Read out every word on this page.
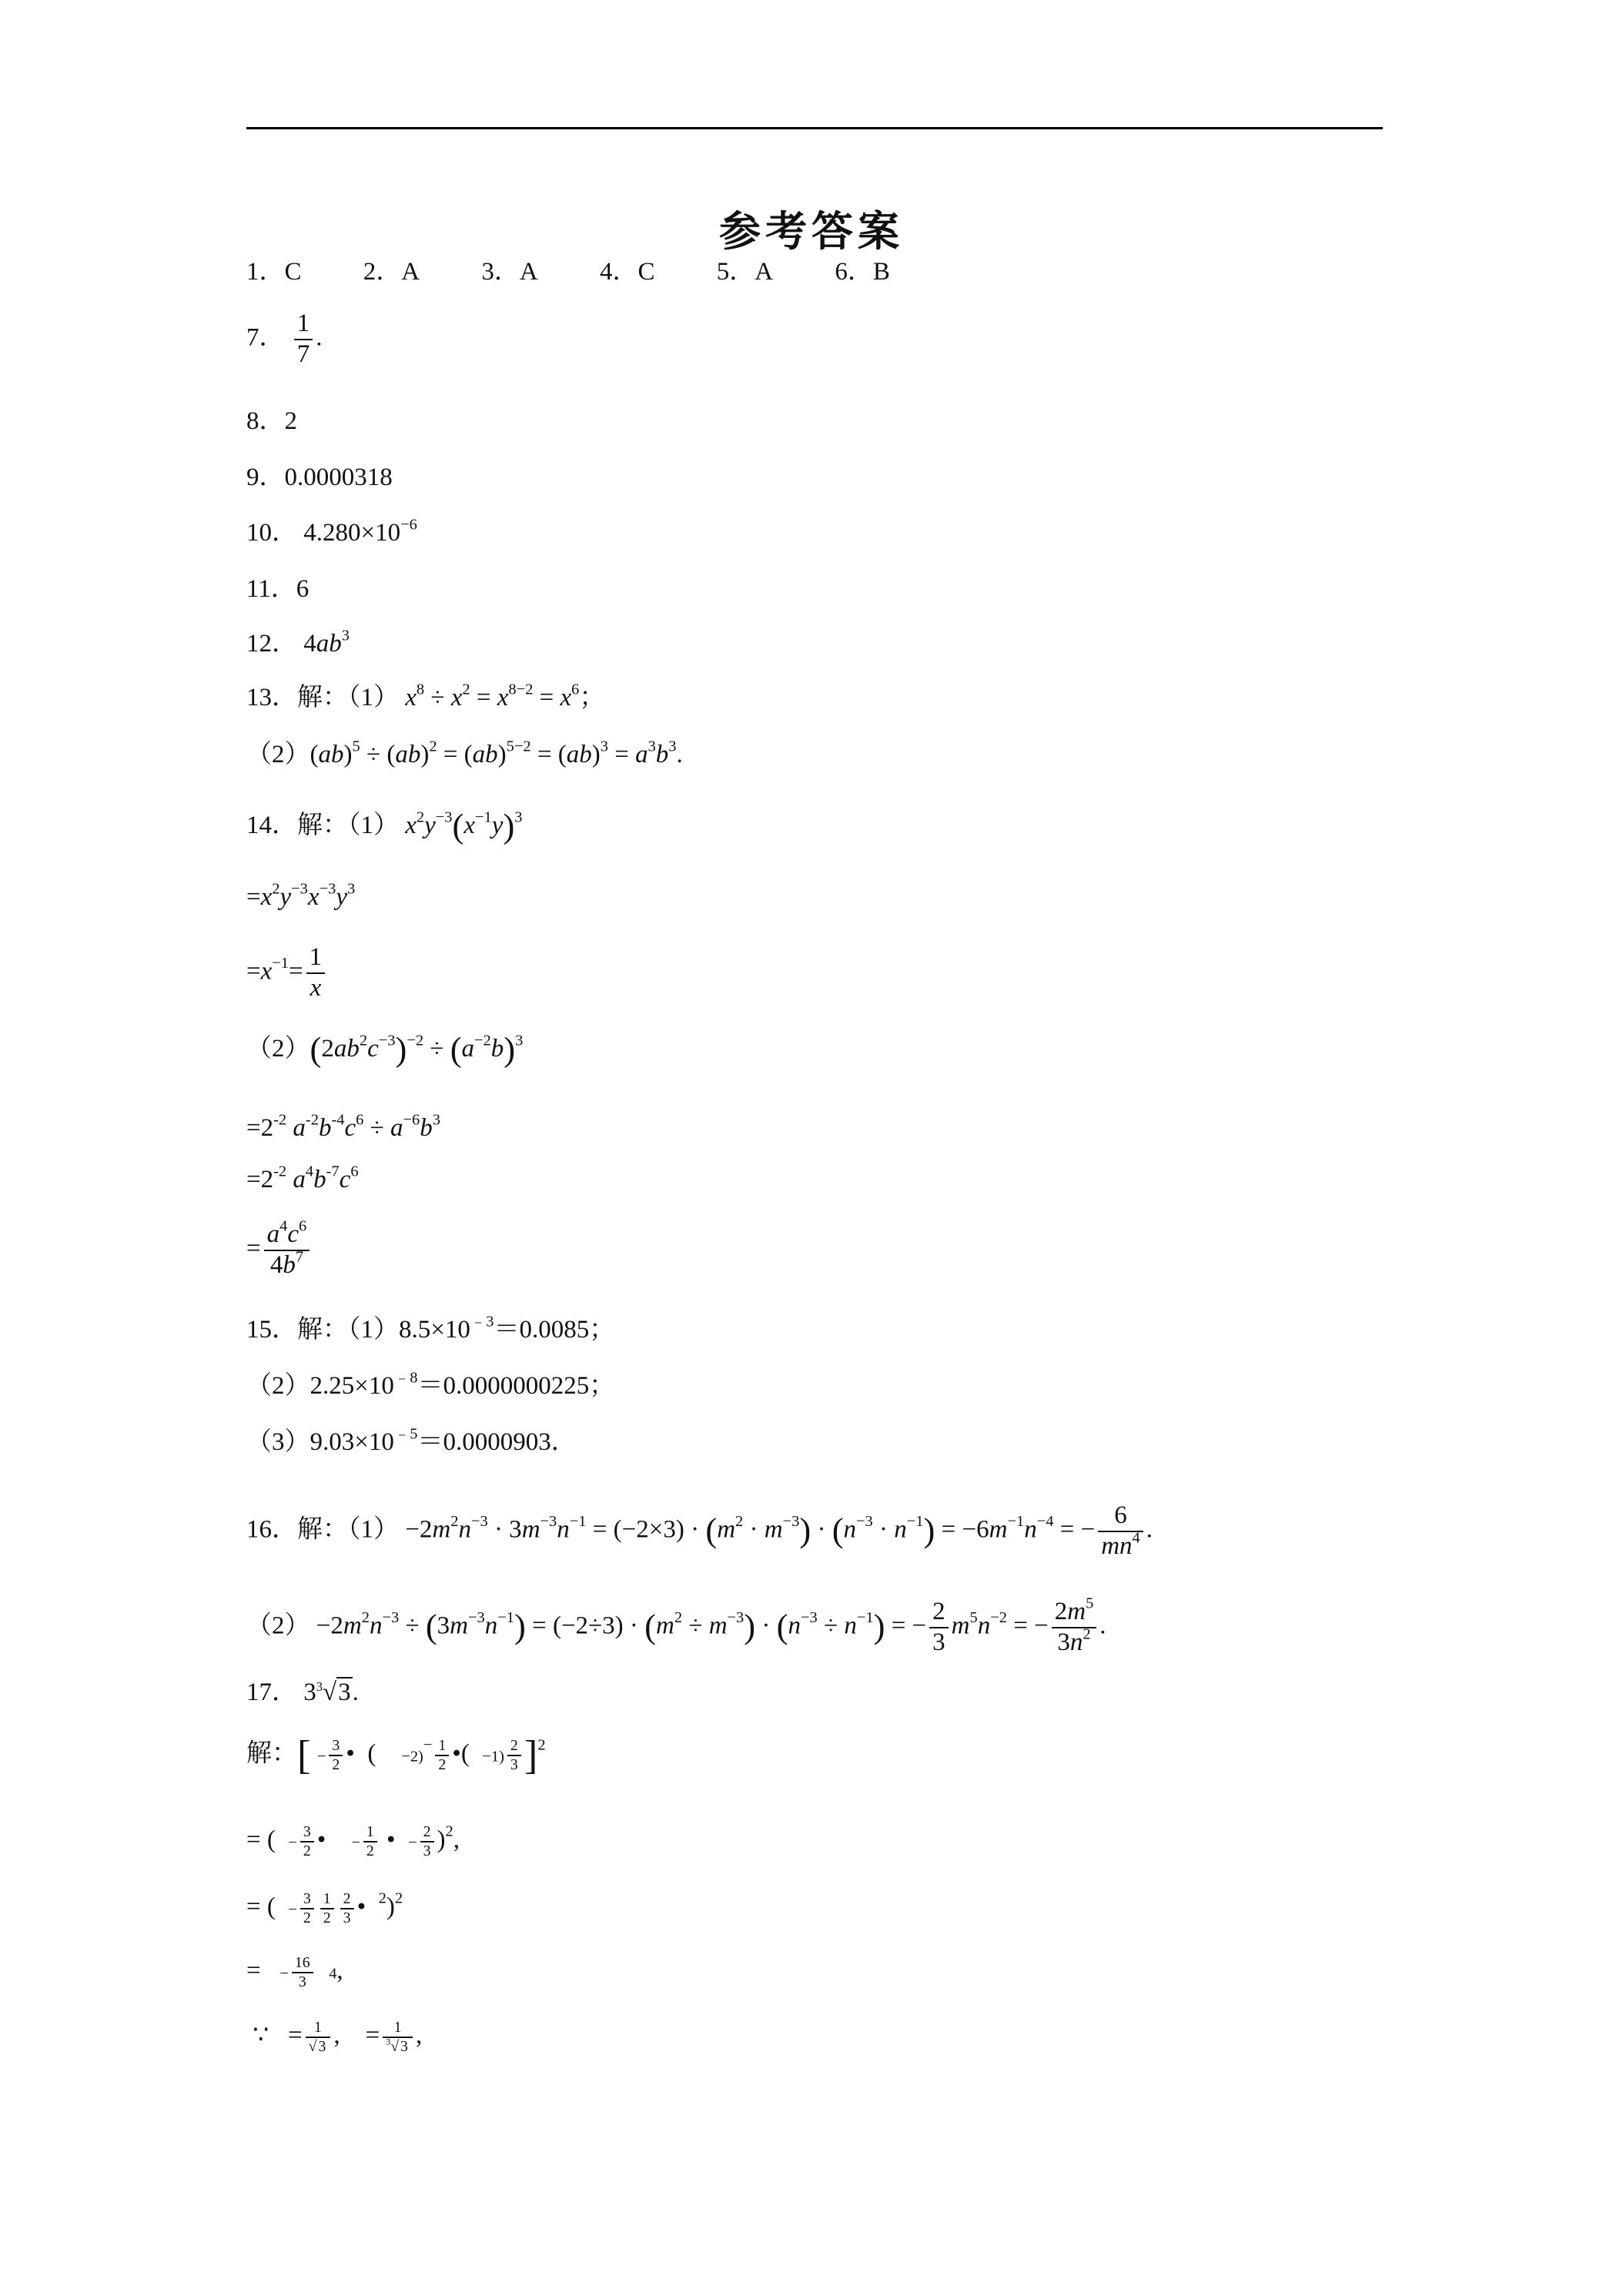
参考答案
1．C 2．A 3．A 4．C 5．A 6．B
7． $\frac{1}{7}$ .
8．2
9．0.0000318
10． $4.280\times 10^{-6}$
11．6
12． $4ab^3$
13．解：（1） $x^8 \div x^2 = x^{8-2} = x^6$；
$(2)(ab)^5 \div (ab)^2 = (ab)^{5-2} = (ab)^3 = a^3b^3$.
14．解：（1） $x^2y^{-3}(x^{-1}y)^3$
$=x^2y^{-3}x^{-3}y^3$
$=x^{-1}= \frac{1}{x}$
$(2)(2ab^2c^{-3})^{-2} \div (a^{-2}b)^3$
$=2^{-2}$ $a^{-2}b^{-4}c^6 \div a^{-6}b^3$
$=2^{-2}$ $a^4b^{-7}c^6$
= $\frac{a^4c^6}{4b^7}$
15．解：$(1)8.5\times 10^{﹣3}=0.0085$；
$(2)2.25\times 10^{﹣8}=0.0000000225$；
$(3)9.03\times 10^{﹣5}=0.0000903$．
16．解：$(1) -2m^2n^{-3} \cdot 3m^{-3}n^{-1} = (-2\times 3) \cdot (m^2 \cdot m^{-3}) \cdot (n^{-3} \cdot n^{-1}) = -6m^{-1}n^{-4}$ = − $\frac{6}{mn^4}$ .
$(2) -2m^2n^{-3} \div (3m^{-3}n^{-1}) = (-2\div 3) \cdot (m^2 \div m^{-3}) \cdot (n^{-3} \div n^{-1})$ = − $\frac{2}{3} m^5n^{-2}$ = − $\frac{2m^5}{3n^2}$ .
17． $3^3√3$.
解：[ − $\frac{3}{2}$ •  (    $-2)^- \frac{1}{2}$ •(  $-1) \frac{2}{3} ]^2$
= (  − $\frac{3}{2}$ •    − $\frac{1}{2}$ •  − $\frac{2}{3} )^2$,
= (  − $\frac{3}{2} \frac{1}{2} \frac{2}{3}$ •  $^2$)$^2$
=   − $\frac{16}{3} 4$,
∵   = $\frac{1}{√ 3}$ ,    = $\frac{1}{^3√ 3}$ ,
